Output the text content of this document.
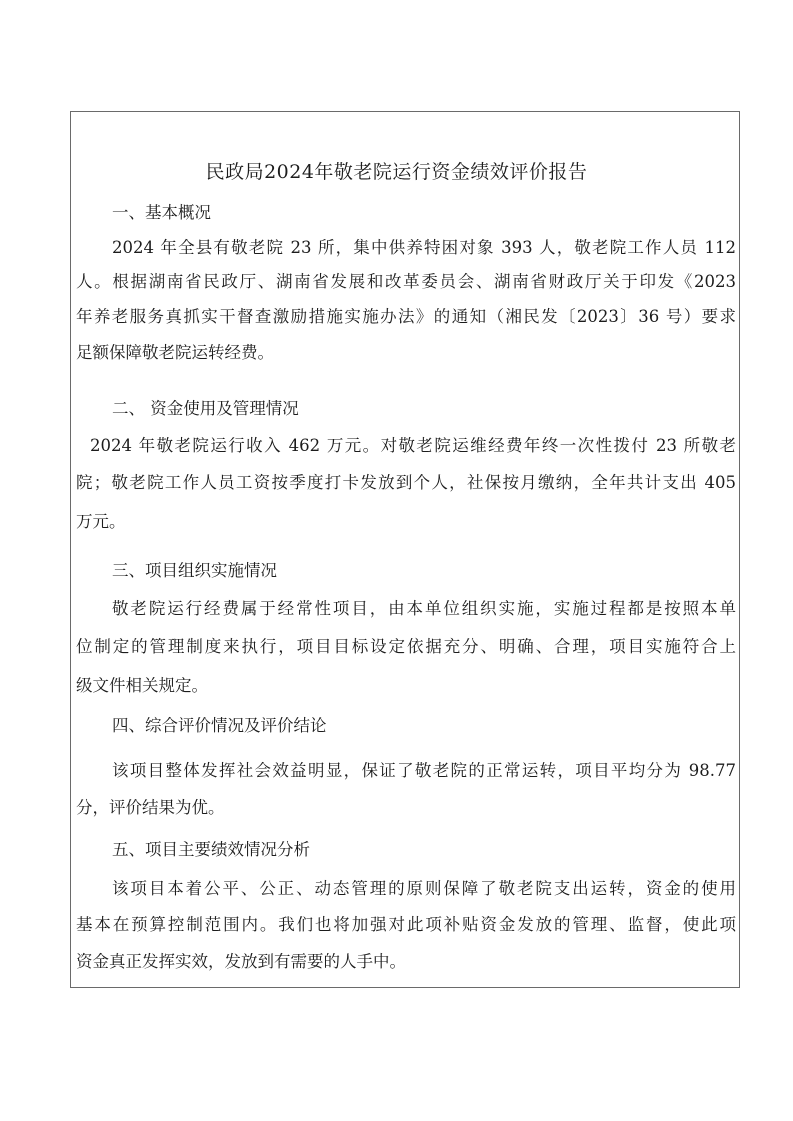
民政局2024年敬老院运行资金绩效评价报告
一、基本概况
2024 年全县有敬老院 23 所，集中供养特困对象 393 人，敬老院工作人员 112
人。根据湖南省民政厅、湖南省发展和改革委员会、湖南省财政厅关于印发《2023
年养老服务真抓实干督查激励措施实施办法》的通知（湘民发〔2023〕36 号）要求
足额保障敬老院运转经费。
二、 资金使用及管理情况
2024 年敬老院运行收入 462 万元。对敬老院运维经费年终一次性拨付 23 所敬老
院；敬老院工作人员工资按季度打卡发放到个人，社保按月缴纳，全年共计支出 405
万元。
三、项目组织实施情况
敬老院运行经费属于经常性项目，由本单位组织实施，实施过程都是按照本单
位制定的管理制度来执行，项目目标设定依据充分、明确、合理，项目实施符合上
级文件相关规定。
四、综合评价情况及评价结论
该项目整体发挥社会效益明显，保证了敬老院的正常运转，项目平均分为 98.77
分，评价结果为优。
五、项目主要绩效情况分析
该项目本着公平、公正、动态管理的原则保障了敬老院支出运转，资金的使用
基本在预算控制范围内。我们也将加强对此项补贴资金发放的管理、监督，使此项
资金真正发挥实效，发放到有需要的人手中。
